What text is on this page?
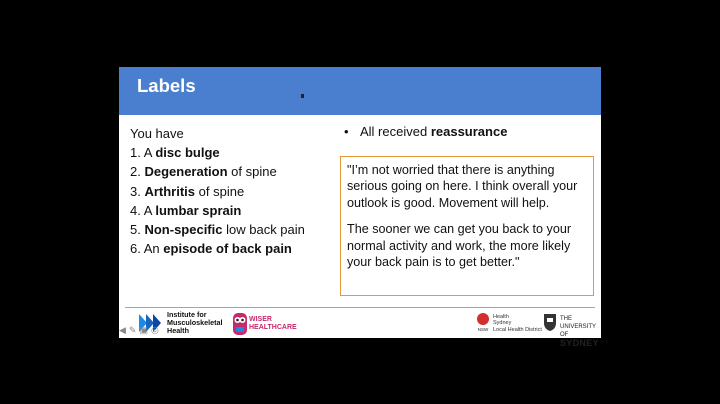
Labels
You have
1. A disc bulge
2. Degeneration of spine
3. Arthritis of spine
4. A lumbar sprain
5. Non-specific low back pain
6. An episode of back pain
• All received reassurance

"I’m not worried that there is anything serious going on here. I think overall your outlook is good. Movement will help.

The sooner we can get you back to your normal activity and work, the more likely your back pain is to get better."

Institute for
Musculoskeletal
Health
WISER
HEALTHCARE	NSW
Health
Sydney
Local Health District
THE UNIVERSITY OF
SYDNEY
◀ ✎ ▣ ◎
